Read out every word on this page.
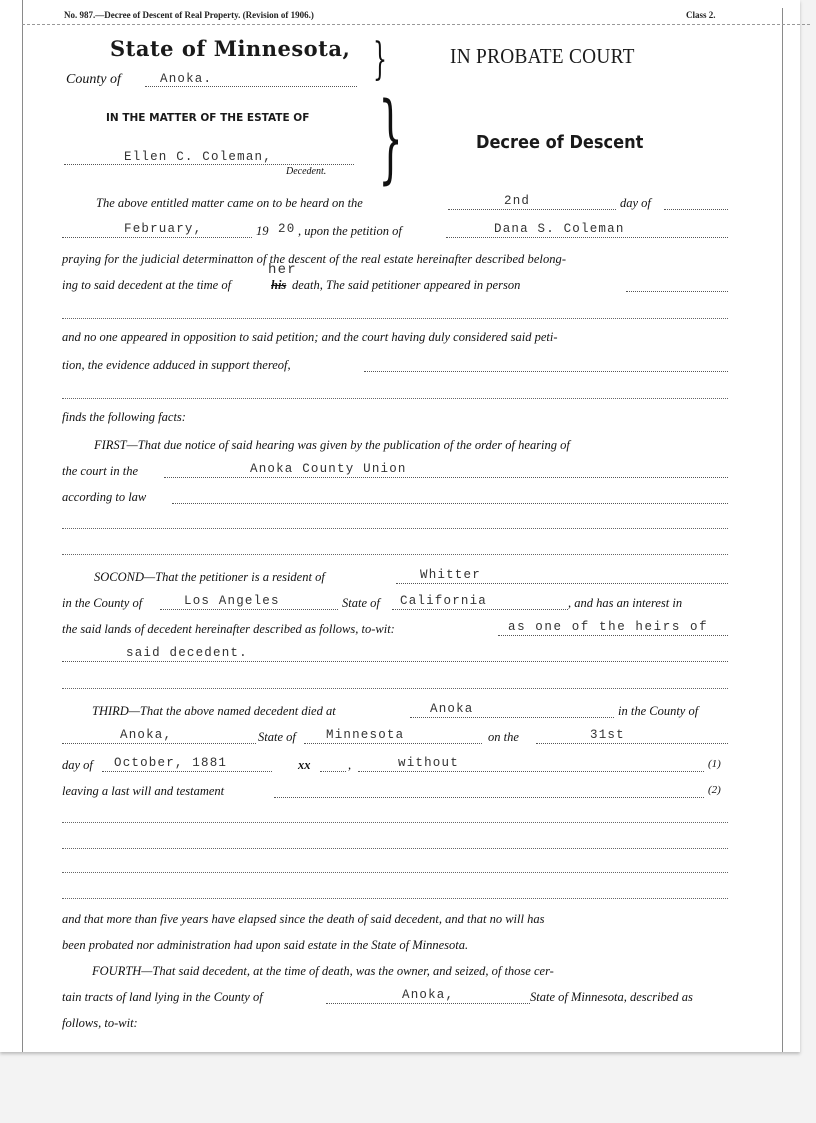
No. 987.—Decree of Descent of Real Property. (Revision of 1906.)	Class 2.
State of Minnesota,
County of	Anoka.	}
IN THE MATTER OF THE ESTATE OF
Ellen C. Coleman,
Decedent. }
IN PROBATE COURT
Decree of Descent
The above entitled matter came on to be heard on the	2nd	day of
February,	19 20 , upon the petition of	Dana S. Coleman
praying for the judicial determinatton of the descent of the real estate hereinafter described belong-
ing to said decedent at the time of
her
his death, The said petitioner appeared in person
and no one appeared in opposition to said petition; and the court having duly considered said peti-
tion, the evidence adduced in support thereof,
finds the following facts:
FIRST—That due notice of said hearing was given by the publication of the order of hearing of
the court in the	Anoka County Union
according to law
SOCOND—That the petitioner is a resident of	Whitter
in the County of	Los Angeles	State of California	, and has an interest in
the said lands of decedent hereinafter described as follows, to-wit:	as one of the heirs of
said decedent.
THIRD—That the above named decedent died at	Anoka	in the County of
Anoka,	State of Minnesota	on the	31st
day of October, 1881	xx	,	without	(1)
leaving a last will and testament	(2)
and that more than five years have elapsed since the death of said decedent, and that no will has
been probated nor administration had upon said estate in the State of Minnesota.
FOURTH—That said decedent, at the time of death, was the owner, and seized, of those cer-
tain tracts of land lying in the County of	Anoka,	State of Minnesota, described as
follows, to-wit:
